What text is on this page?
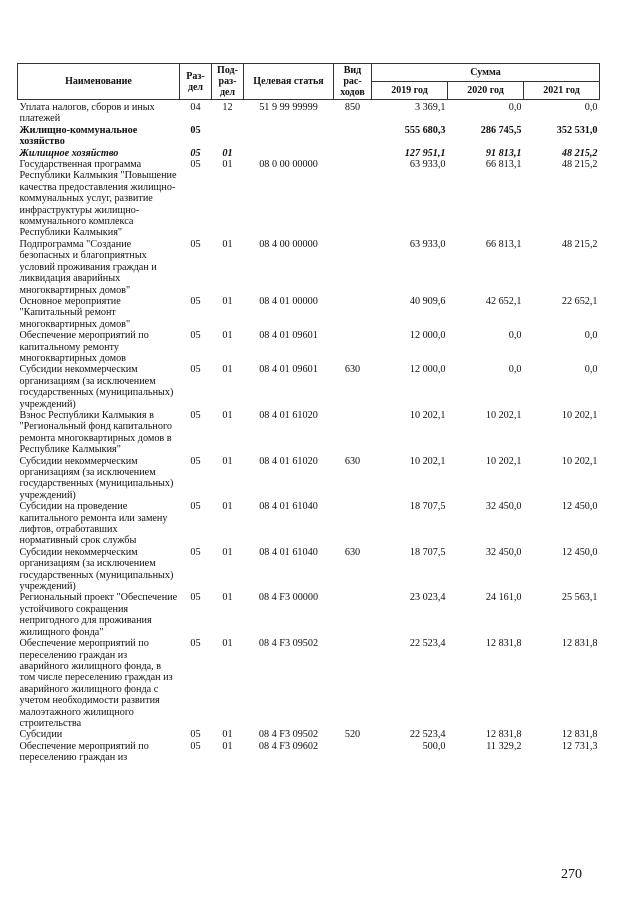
Наименование	Раз-дел	Под-раз-дел	Целевая статья	Вид рас-ходов	Сумма		
					2019 год	2020 год	2021 год
Уплата налогов, сборов и иных платежей	04	12	51 9 99 99999	850	3 369,1	0,0	0,0
Жилищно-коммунальное хозяйство	05				555 680,3	286 745,5	352 531,0
Жилищное хозяйство	05	01			127 951,1	91 813,1	48 215,2
Государственная программа Республики Калмыкия "Повышение качества предоставления жилищно-коммунальных услуг, развитие инфраструктуры жилищно-коммунального комплекса Республики Калмыкия"	05	01	08 0 00 00000		63 933,0	66 813,1	48 215,2
Подпрограмма "Создание безопасных и благоприятных условий проживания граждан и ликвидация аварийных многоквартирных домов"	05	01	08 4 00 00000		63 933,0	66 813,1	48 215,2
Основное мероприятие "Капитальный ремонт многоквартирных домов"	05	01	08 4 01 00000		40 909,6	42 652,1	22 652,1
Обеспечение мероприятий по капитальному ремонту многоквартирных домов	05	01	08 4 01 09601		12 000,0	0,0	0,0
Субсидии некоммерческим организациям (за исключением государственных (муниципальных) учреждений)	05	01	08 4 01 09601	630	12 000,0	0,0	0,0
Взнос Республики Калмыкия в "Региональный фонд капитального ремонта многоквартирных домов в Республике Калмыкия"	05	01	08 4 01 61020		10 202,1	10 202,1	10 202,1
Субсидии некоммерческим организациям (за исключением государственных (муниципальных) учреждений)	05	01	08 4 01 61020	630	10 202,1	10 202,1	10 202,1
Субсидии на проведение капитального ремонта или замену лифтов, отработавших нормативный срок службы	05	01	08 4 01 61040		18 707,5	32 450,0	12 450,0
Субсидии некоммерческим организациям (за исключением государственных (муниципальных) учреждений)	05	01	08 4 01 61040	630	18 707,5	32 450,0	12 450,0
Региональный проект "Обеспечение устойчивого сокращения непригодного для проживания жилищного фонда"	05	01	08 4 F3 00000		23 023,4	24 161,0	25 563,1
Обеспечение мероприятий по переселению граждан из аварийного жилищного фонда, в том числе переселению граждан из аварийного жилищного фонда с учетом необходимости развития малоэтажного жилищного строительства	05	01	08 4 F3 09502		22 523,4	12 831,8	12 831,8
Субсидии	05	01	08 4 F3 09502	520	22 523,4	12 831,8	12 831,8
Обеспечение мероприятий по переселению граждан из	05	01	08 4 F3 09602		500,0	11 329,2	12 731,3
270
